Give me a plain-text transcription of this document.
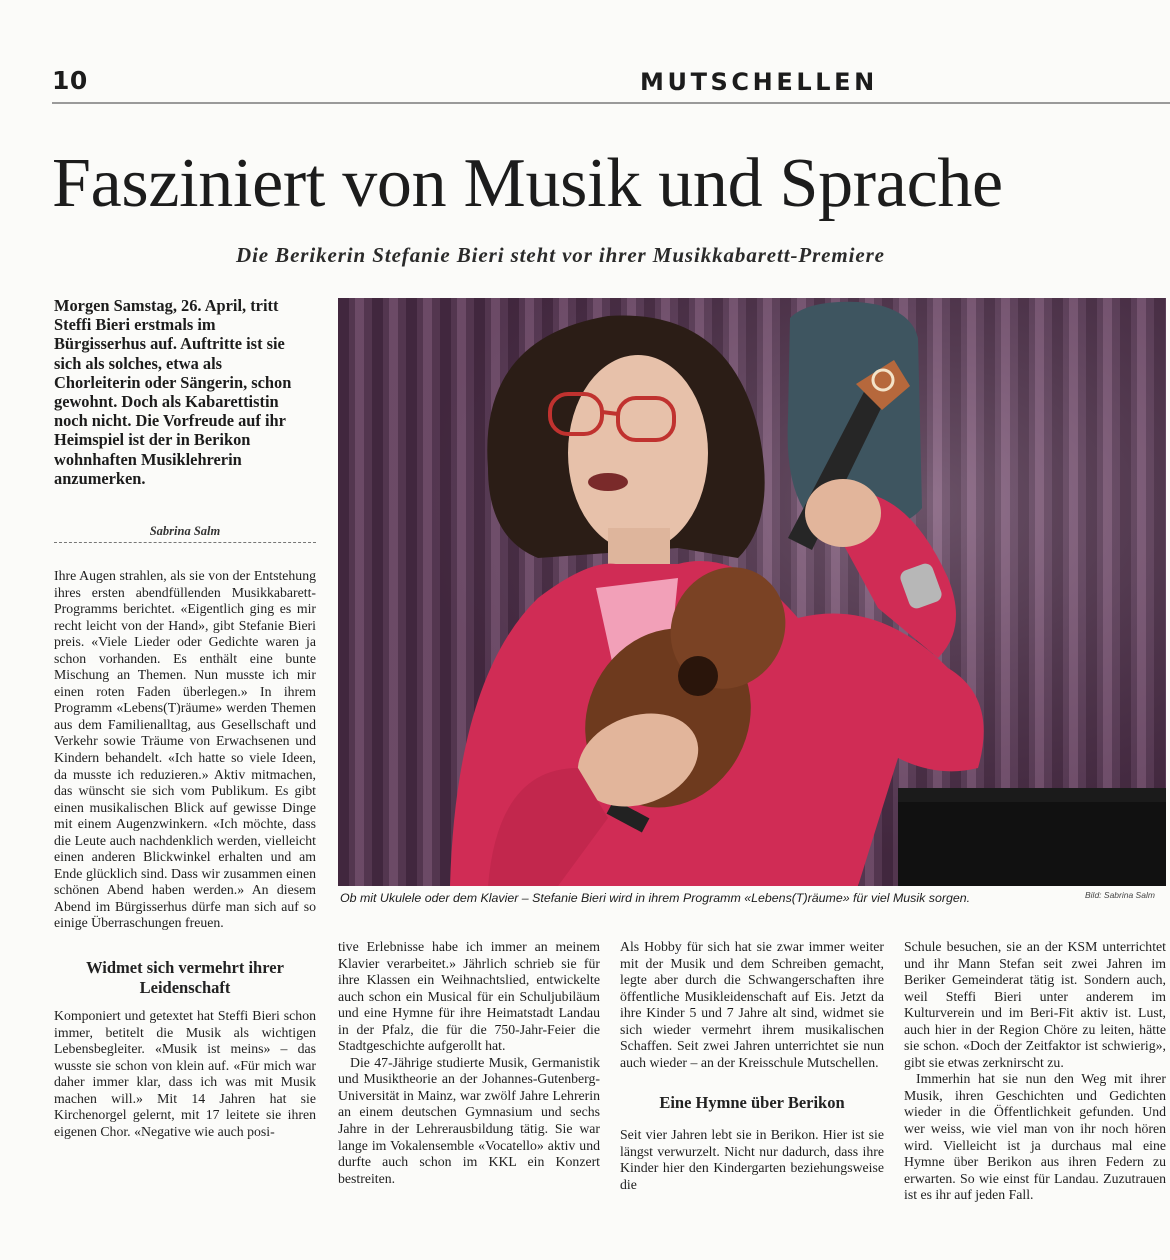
10	MUTSCHELLEN
Fasziniert von Musik und Sprache
Die Berikerin Stefanie Bieri steht vor ihrer Musikkabarett-Premiere
Morgen Samstag, 26. April, tritt Steffi Bieri erstmals im Bürgisserhus auf. Auftritte ist sie sich als solches, etwa als Chorleiterin oder Sängerin, schon gewohnt. Doch als Kabarettistin noch nicht. Die Vorfreude auf ihr Heimspiel ist der in Berikon wohnhaften Musiklehrerin anzumerken.
Sabrina Salm

Ihre Augen strahlen, als sie von der Entstehung ihres ersten abendfüllenden Musikkabarett-Programms berichtet. «Eigentlich ging es mir recht leicht von der Hand», gibt Stefanie Bieri preis. «Viele Lieder oder Gedichte waren ja schon vorhanden. Es enthält eine bunte Mischung an Themen. Nun musste ich mir einen roten Faden überlegen.» In ihrem Programm «Lebens(T)räume» werden Themen aus dem Familienalltag, aus Gesellschaft und Verkehr sowie Träume von Erwachsenen und Kindern behandelt. «Ich hatte so viele Ideen, da musste ich reduzieren.» Aktiv mitmachen, das wünscht sie sich vom Publikum. Es gibt einen musikalischen Blick auf gewisse Dinge mit einem Augenzwinkern. «Ich möchte, dass die Leute auch nachdenklich werden, vielleicht einen anderen Blickwinkel erhalten und am Ende glücklich sind. Dass wir zusammen einen schönen Abend haben werden.» An diesem Abend im Bürgisserhus dürfe man sich auf so einige Überraschungen freuen.

Widmet sich vermehrt ihrer Leidenschaft

Komponiert und getextet hat Steffi Bieri schon immer, betitelt die Musik als wichtigen Lebensbegleiter. «Musik ist meins» – das wusste sie schon von klein auf. «Für mich war daher immer klar, dass ich was mit Musik machen will.» Mit 14 Jahren hat sie Kirchenorgel gelernt, mit 17 leitete sie ihren eigenen Chor. «Negative wie auch posi-

Ob mit Ukulele oder dem Klavier – Stefanie Bieri wird in ihrem Programm «Lebens(T)räume» für viel Musik sorgen.	Bild: Sabrina Salm

tive Erlebnisse habe ich immer an meinem Klavier verarbeitet.» Jährlich schrieb sie für ihre Klassen ein Weihnachtslied, entwickelte auch schon ein Musical für ein Schuljubiläum und eine Hymne für ihre Heimatstadt Landau in der Pfalz, die für die 750-Jahr-Feier die Stadtgeschichte aufgerollt hat.

Die 47-Jährige studierte Musik, Germanistik und Musiktheorie an der Johannes-Gutenberg-Universität in Mainz, war zwölf Jahre Lehrerin an einem deutschen Gymnasium und sechs Jahre in der Lehrerausbildung tätig. Sie war lange im Vokalensemble «Vocatello» aktiv und durfte auch schon im KKL ein Konzert bestreiten.

Als Hobby für sich hat sie zwar immer weiter mit der Musik und dem Schreiben gemacht, legte aber durch die Schwangerschaften ihre öffentliche Musikleidenschaft auf Eis. Jetzt da ihre Kinder 5 und 7 Jahre alt sind, widmet sie sich wieder vermehrt ihrem musikalischen Schaffen. Seit zwei Jahren unterrichtet sie nun auch wieder – an der Kreisschule Mutschellen.

Eine Hymne über Berikon

Seit vier Jahren lebt sie in Berikon. Hier ist sie längst verwurzelt. Nicht nur dadurch, dass ihre Kinder hier den Kindergarten beziehungsweise die

Schule besuchen, sie an der KSM unterrichtet und ihr Mann Stefan seit zwei Jahren im Beriker Gemeinderat tätig ist. Sondern auch, weil Steffi Bieri unter anderem im Kulturverein und im Beri-Fit aktiv ist. Lust, auch hier in der Region Chöre zu leiten, hätte sie schon. «Doch der Zeitfaktor ist schwierig», gibt sie etwas zerknirscht zu.

Immerhin hat sie nun den Weg mit ihrer Musik, ihren Geschichten und Gedichten wieder in die Öffentlichkeit gefunden. Und wer weiss, wie viel man von ihr noch hören wird. Vielleicht ist ja durchaus mal eine Hymne über Berikon aus ihren Federn zu erwarten. So wie einst für Landau. Zuzutrauen ist es ihr auf jeden Fall.
